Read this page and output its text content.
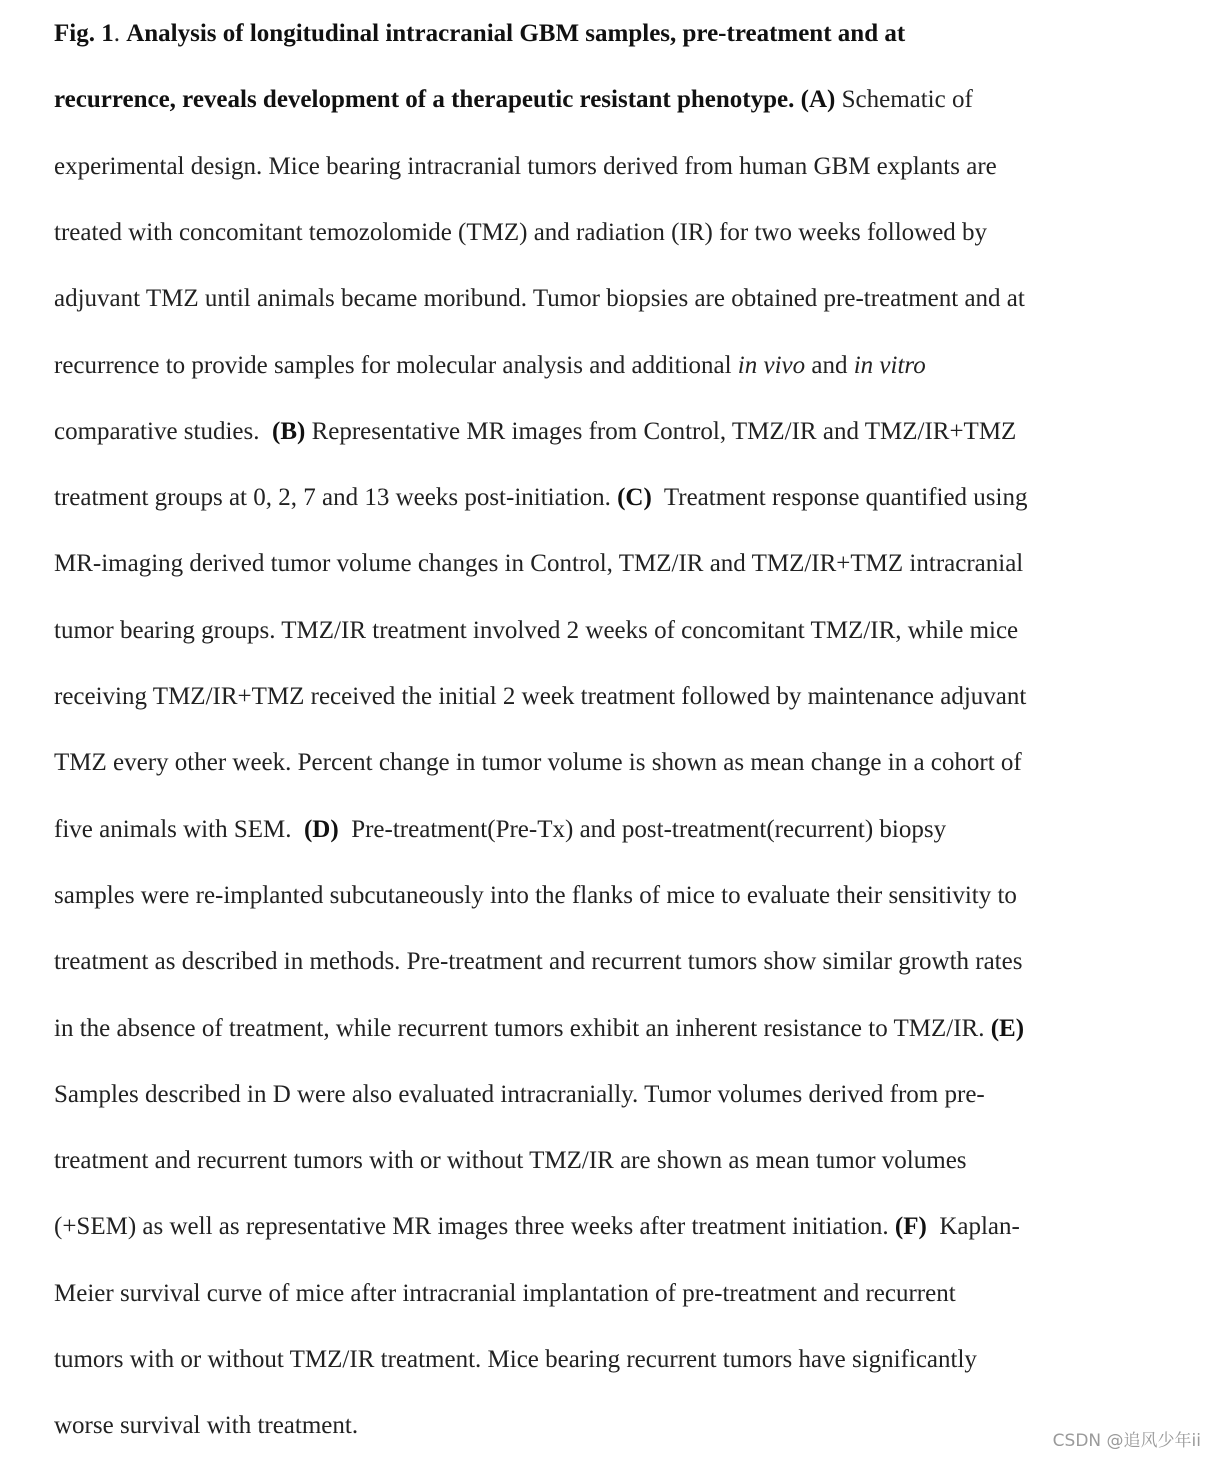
Fig. 1. Analysis of longitudinal intracranial GBM samples, pre-treatment and at
recurrence, reveals development of a therapeutic resistant phenotype. (A) Schematic of
experimental design. Mice bearing intracranial tumors derived from human GBM explants are
treated with concomitant temozolomide (TMZ) and radiation (IR) for two weeks followed by
adjuvant TMZ until animals became moribund. Tumor biopsies are obtained pre-treatment and at
recurrence to provide samples for molecular analysis and additional in vivo and in vitro
comparative studies.  (B) Representative MR images from Control, TMZ/IR and TMZ/IR+TMZ
treatment groups at 0, 2, 7 and 13 weeks post-initiation. (C)  Treatment response quantified using
MR-imaging derived tumor volume changes in Control, TMZ/IR and TMZ/IR+TMZ intracranial
tumor bearing groups. TMZ/IR treatment involved 2 weeks of concomitant TMZ/IR, while mice
receiving TMZ/IR+TMZ received the initial 2 week treatment followed by maintenance adjuvant
TMZ every other week. Percent change in tumor volume is shown as mean change in a cohort of
five animals with SEM.  (D)  Pre-treatment(Pre-Tx) and post-treatment(recurrent) biopsy
samples were re-implanted subcutaneously into the flanks of mice to evaluate their sensitivity to
treatment as described in methods. Pre-treatment and recurrent tumors show similar growth rates
in the absence of treatment, while recurrent tumors exhibit an inherent resistance to TMZ/IR. (E)
Samples described in D were also evaluated intracranially. Tumor volumes derived from pre-
treatment and recurrent tumors with or without TMZ/IR are shown as mean tumor volumes
(+SEM) as well as representative MR images three weeks after treatment initiation. (F)  Kaplan-
Meier survival curve of mice after intracranial implantation of pre-treatment and recurrent
tumors with or without TMZ/IR treatment. Mice bearing recurrent tumors have significantly
worse survival with treatment.
CSDN @追风少年ii
